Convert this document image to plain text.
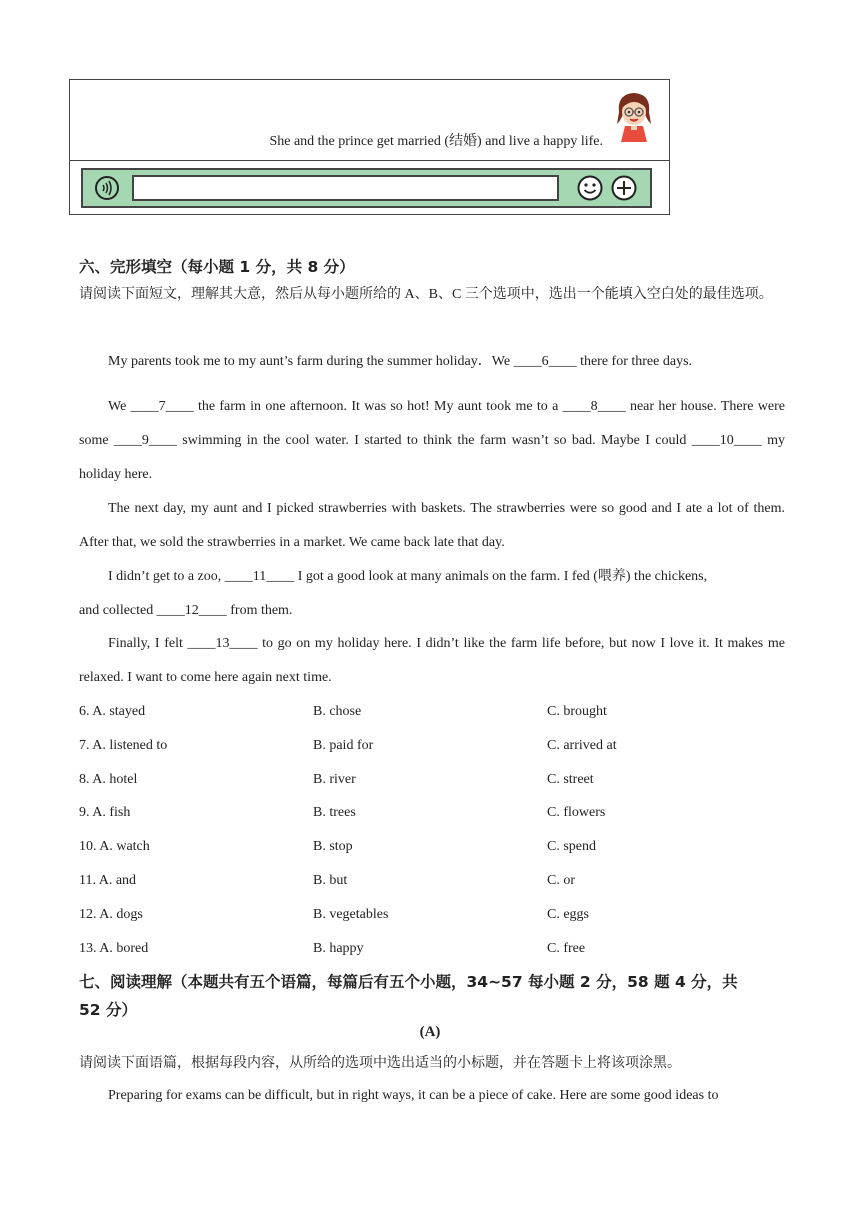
She and the prince get married (结婚) and live a happy life.
六、完形填空（每小题 1 分，共 8 分）
请阅读下面短文，理解其大意，然后从每小题所给的 A、B、C 三个选项中，选出一个能填入空白处的最佳选项。
My parents took me to my aunt’s farm during the summer holiday．We ____6____ there for three days.
We ____7____ the farm in one afternoon. It was so hot! My aunt took me to a ____8____ near her house. There were some ____9____ swimming in the cool water. I started to think the farm wasn’t so bad. Maybe I could ____10____ my holiday here.
The next day, my aunt and I picked strawberries with baskets. The strawberries were so good and I ate a lot of them. After that, we sold the strawberries in a market. We came back late that day.
I didn’t get to a zoo, ____11____ I got a good look at many animals on the farm. I fed (喂养) the chickens,
and collected ____12____ from them.
Finally, I felt ____13____ to go on my holiday here. I didn’t like the farm life before, but now I love it. It makes me relaxed. I want to come here again next time.
6. A. stayed	B. chose	C. brought
7. A. listened to	B. paid for	C. arrived at
8. A. hotel	B. river	C. street
9. A. fish	B. trees	C. flowers
10. A. watch	B. stop	C. spend
11. A. and	B. but	C. or
12. A. dogs	B. vegetables	C. eggs
13. A. bored	B. happy	C. free
七、阅读理解（本题共有五个语篇，每篇后有五个小题，34~57 每小题 2 分，58 题 4 分，共
52 分）
(A)
请阅读下面语篇，根据每段内容，从所给的选项中选出适当的小标题，并在答题卡上将该项涂黑。
Preparing for exams can be difficult, but in right ways, it can be a piece of cake. Here are some good ideas to
